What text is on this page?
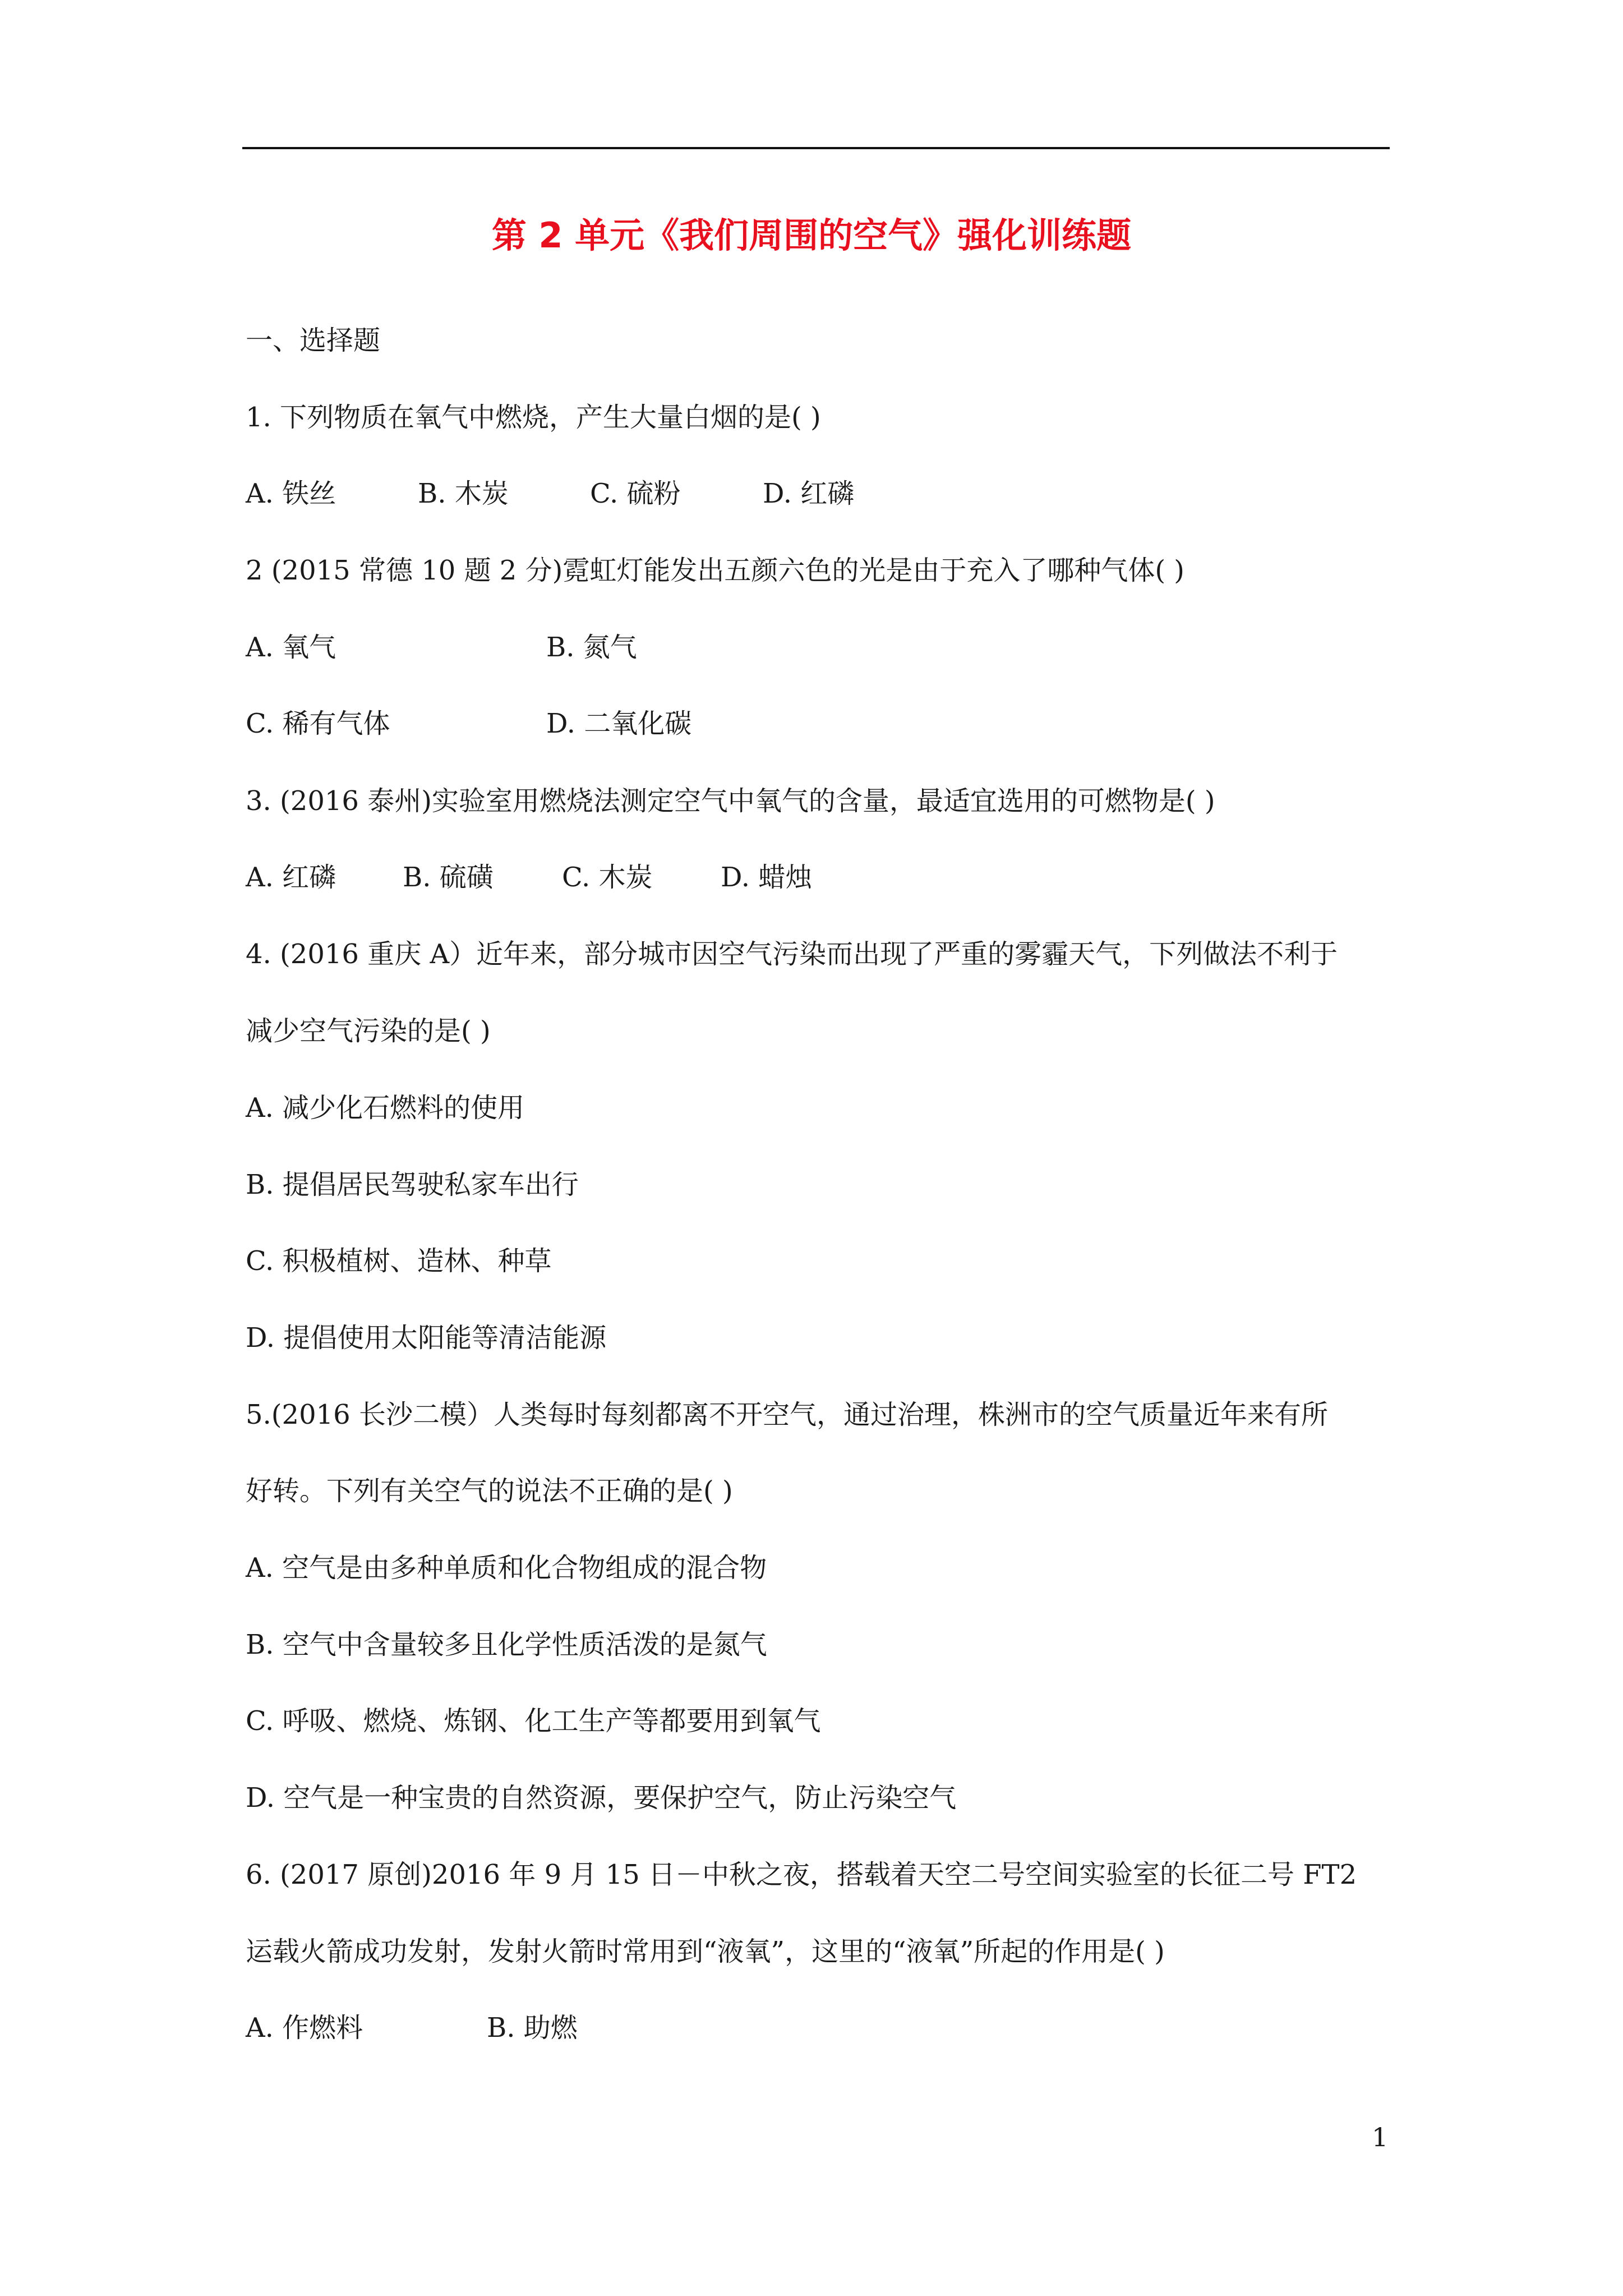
第 2 单元《我们周围的空气》强化训练题
一、选择题
1. 下列物质在氧气中燃烧，产生大量白烟的是( )
A. 铁丝	B. 木炭	C. 硫粉	D. 红磷
2 (2015 常德 10 题 2 分)霓虹灯能发出五颜六色的光是由于充入了哪种气体( )
A. 氧气	B. 氮气
C. 稀有气体	D. 二氧化碳
3. (2016 泰州)实验室用燃烧法测定空气中氧气的含量，最适宜选用的可燃物是( )
A. 红磷 B. 硫磺	C. 木炭	D. 蜡烛
4. (2016 重庆 A）近年来，部分城市因空气污染而出现了严重的雾霾天气，下列做法不利于
减少空气污染的是( )
A. 减少化石燃料的使用
B. 提倡居民驾驶私家车出行
C. 积极植树、造林、种草
D. 提倡使用太阳能等清洁能源
5.(2016 长沙二模）人类每时每刻都离不开空气，通过治理，株洲市的空气质量近年来有所
好转。下列有关空气的说法不正确的是( )
A. 空气是由多种单质和化合物组成的混合物
B. 空气中含量较多且化学性质活泼的是氮气
C. 呼吸、燃烧、炼钢、化工生产等都要用到氧气
D. 空气是一种宝贵的自然资源，要保护空气，防止污染空气
6. (2017 原创)2016 年 9 月 15 日－中秋之夜，搭载着天空二号空间实验室的长征二号 FT2
运载火箭成功发射，发射火箭时常用到“液氧”，这里的“液氧”所起的作用是( )
A. 作燃料	B. 助燃
1
